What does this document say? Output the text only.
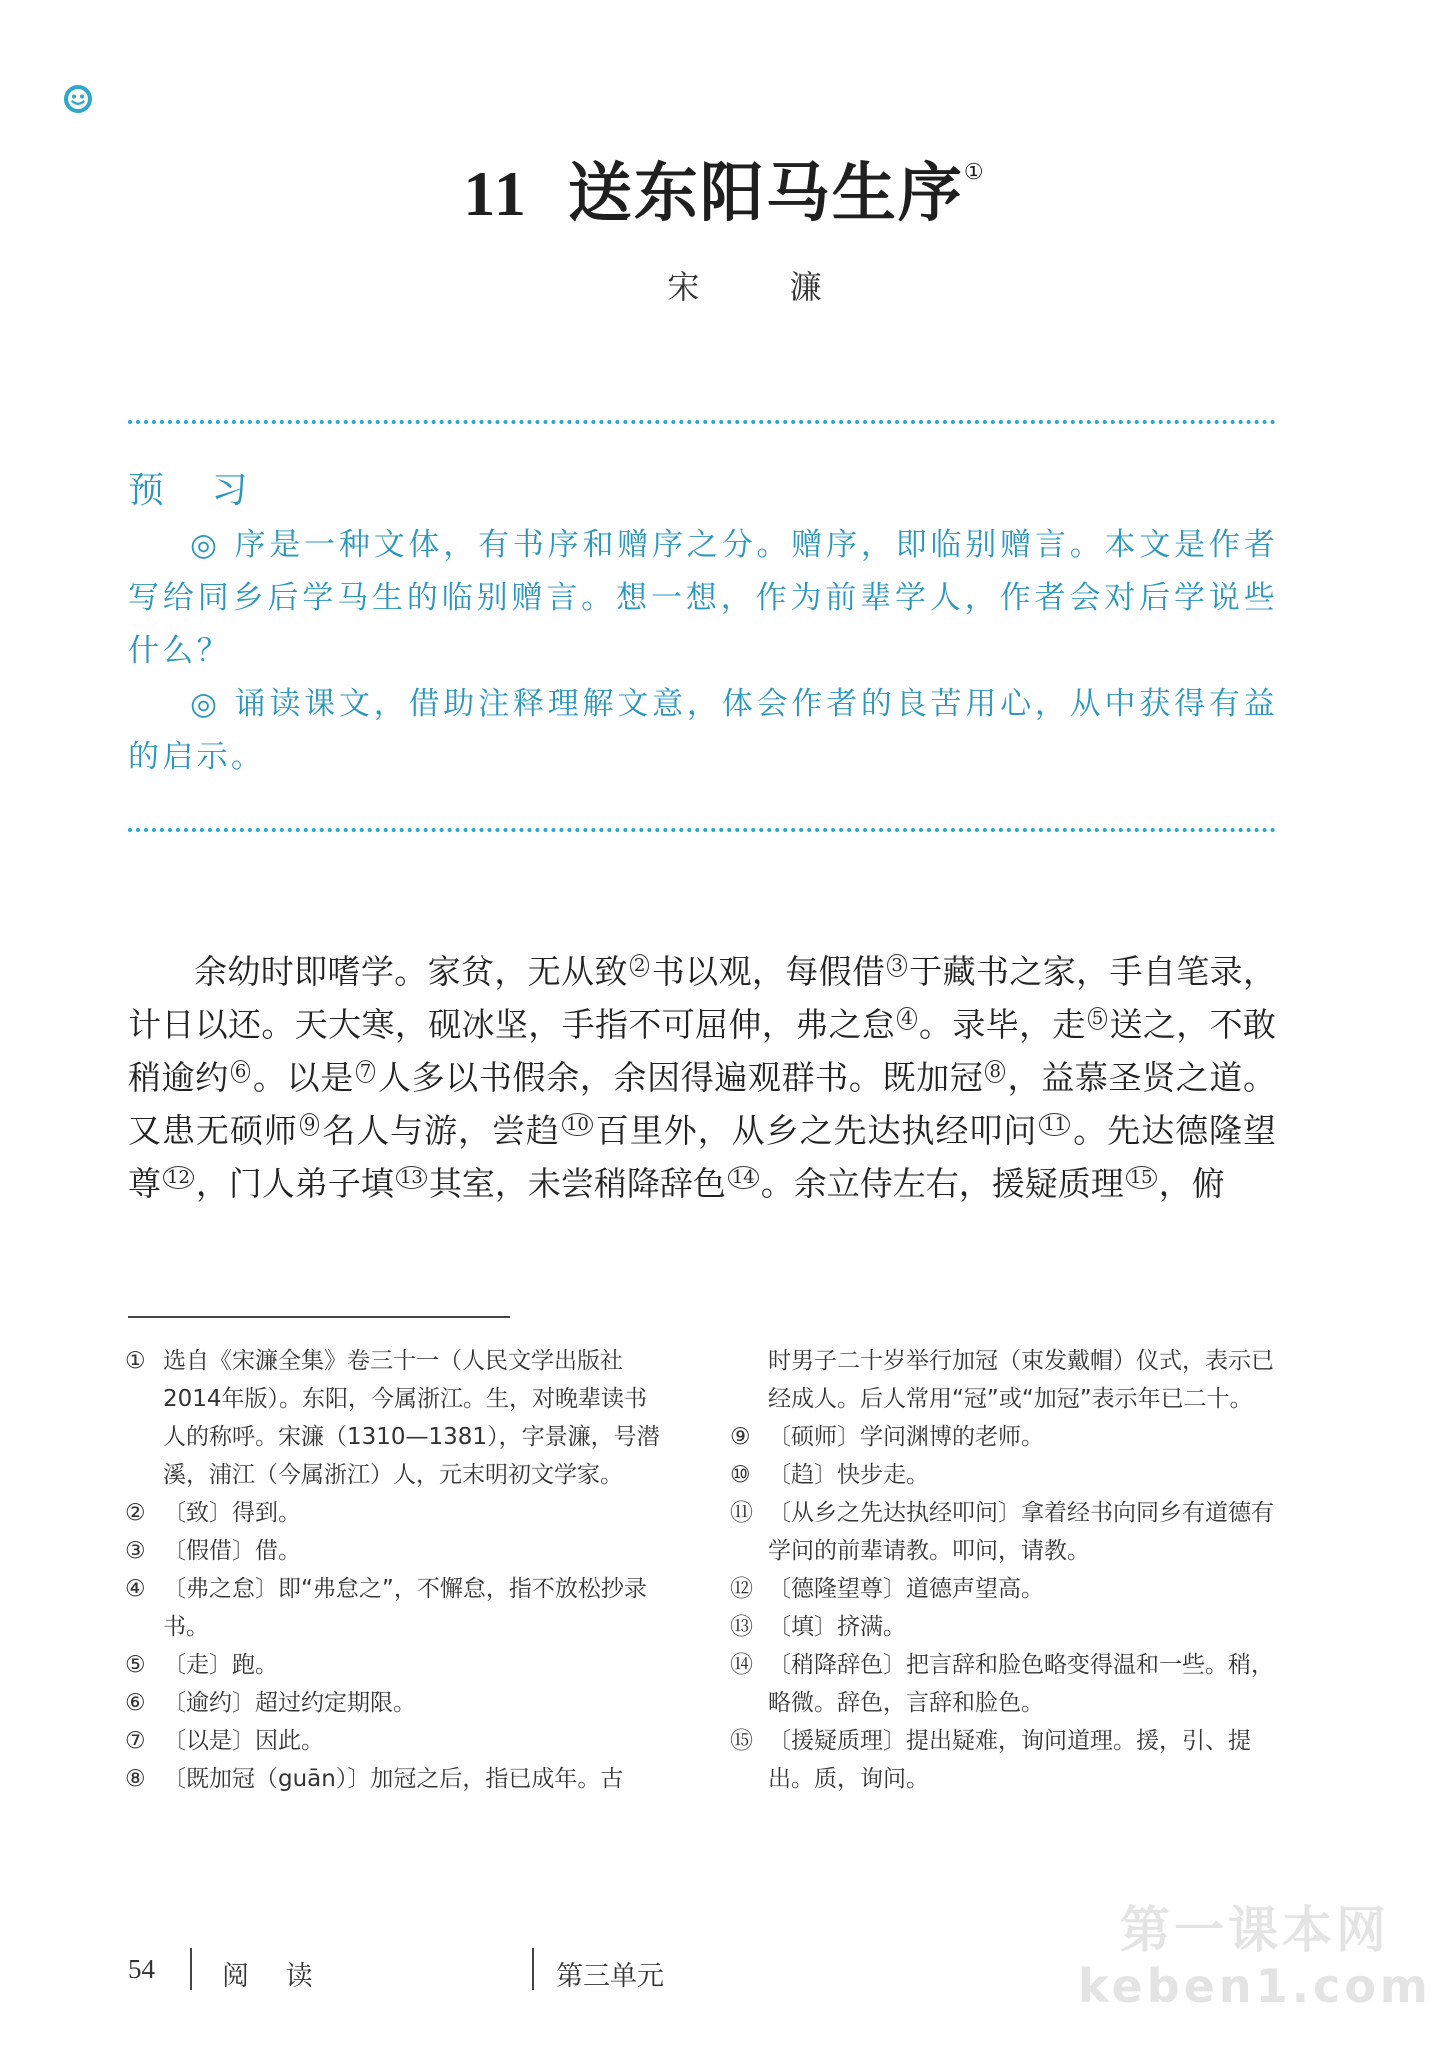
11 送东阳马生序①
宋 濂
预 习

◎ 序是一种文体，有书序和赠序之分。赠序，即临别赠言。本文是作者写给同乡后学马生的临别赠言。想一想，作为前辈学人，作者会对后学说些什么？

◎ 诵读课文，借助注释理解文意，体会作者的良苦用心，从中获得有益的启示。

余幼时即嗜学。家贫，无从致 $^2$ 书以观，每假借 $^3$ 于藏书之家，手自笔录，计日以还。天大寒，砚冰坚，手指不可屈伸，弗之怠 $^4$ 。录毕，走 $^5$ 送之，不敢稍逾约 $^6$ 。以是 $^7$ 人多以书假余，余因得遍观群书。既加冠 $^8$ ，益慕圣贤之道。又患无硕师 $^9$ 名人与游，尝趋 $^{10}$ 百里外，从乡之先达执经叩问 $^{11}$ 。先达德隆望尊 $^{12}$ ，门人弟子填 $^{13}$ 其室，未尝稍降辞色 $^{14}$ 。余立侍左右，援疑质理 $^{15}$ ，俯
① 选自《宋濂全集》卷三十一（人民文学出版社2014年版）。东阳，今属浙江。生，对晚辈读书人的称呼。宋濂（1310—1381），字景濂，号潜溪，浦江（今属浙江）人，元末明初文学家。
② 〔致〕得到。
③ 〔假借〕借。
④ 〔弗之怠〕即“弗怠之”，不懈怠，指不放松抄录书。
⑤ 〔走〕跑。
⑥ 〔逾约〕超过约定期限。
⑦ 〔以是〕因此。
⑧ 〔既加冠（guān）〕加冠之后，指已成年。古
时男子二十岁举行加冠（束发戴帽）仪式，表示已经成人。后人常用“冠”或“加冠”表示年已二十。
⑨ 〔硕师〕学问渊博的老师。
⑩ 〔趋〕快步走。
⑪ 〔从乡之先达执经叩问〕拿着经书向同乡有道德有学问的前辈请教。叩问，请教。
⑫ 〔德隆望尊〕道德声望高。
⑬ 〔填〕挤满。
⑭ 〔稍降辞色〕把言辞和脸色略变得温和一些。稍，略微。辞色，言辞和脸色。
⑮ 〔援疑质理〕提出疑难，询问道理。援，引、提出。质，询问。
54 阅 读	第三单元
第一课本网
keben1.com
